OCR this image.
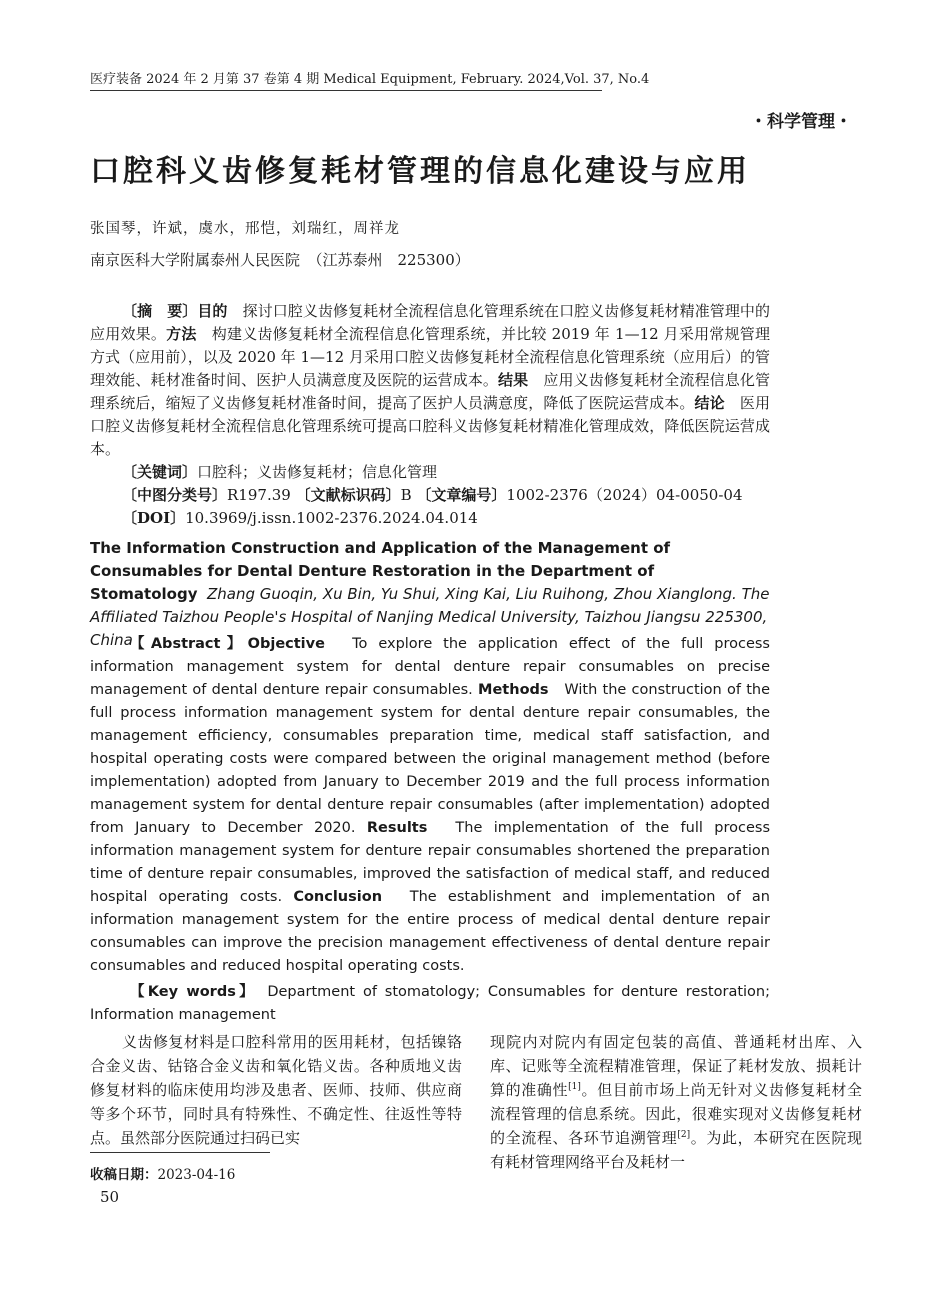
医疗装备 2024 年 2 月第 37 卷第 4 期 Medical Equipment, February. 2024,Vol. 37, No.4
・科学管理・
口腔科义齿修复耗材管理的信息化建设与应用
张国琴，许斌，虞水，邢恺，刘瑞红，周祥龙
南京医科大学附属泰州人民医院　（江苏泰州　225300）

〔摘　要〕目的　探讨口腔义齿修复耗材全流程信息化管理系统在口腔义齿修复耗材精准管理中的应用效果。方法　构建义齿修复耗材全流程信息化管理系统，并比较 2019 年 1—12 月采用常规管理方式（应用前），以及 2020 年 1—12 月采用口腔义齿修复耗材全流程信息化管理系统（应用后）的管理效能、耗材准备时间、医护人员满意度及医院的运营成本。结果　应用义齿修复耗材全流程信息化管理系统后，缩短了义齿修复耗材准备时间，提高了医护人员满意度，降低了医院运营成本。结论　医用口腔义齿修复耗材全流程信息化管理系统可提高口腔科义齿修复耗材精准化管理成效，降低医院运营成本。

〔关键词〕口腔科；义齿修复耗材；信息化管理
〔中图分类号〕R197.39 〔文献标识码〕B 〔文章编号〕1002-2376（2024）04-0050-04
〔DOI〕10.3969/j.issn.1002-2376.2024.04.014
The Information Construction and Application of the Management of Consumables for Dental Denture Restoration in the Department of Stomatology Zhang Guoqin, Xu Bin, Yu Shui, Xing Kai, Liu Ruihong, Zhou Xianglong. The Affiliated Taizhou People's Hospital of Nanjing Medical University, Taizhou Jiangsu 225300, China

【Abstract】Objective　To explore the application effect of the full process information management system for dental denture repair consumables on precise management of dental denture repair consumables. Methods　With the construction of the full process information management system for dental denture repair consumables, the management efficiency, consumables preparation time, medical staff satisfaction, and hospital operating costs were compared between the original management method (before implementation) adopted from January to December 2019 and the full process information management system for dental denture repair consumables (after implementation) adopted from January to December 2020. Results　The implementation of the full process information management system for denture repair consumables shortened the preparation time of denture repair consumables, improved the satisfaction of medical staff, and reduced hospital operating costs. Conclusion　The establishment and implementation of an information management system for the entire process of medical dental denture repair consumables can improve the precision management effectiveness of dental denture repair consumables and reduced hospital operating costs.

【Key words】　Department of stomatology; Consumables for denture restoration; Information management

义齿修复材料是口腔科常用的医用耗材，包括镍铬合金义齿、钴铬合金义齿和氧化锆义齿。各种质地义齿修复材料的临床使用均涉及患者、医师、技师、供应商等多个环节，同时具有特殊性、不确定性、往返性等特点。虽然部分医院通过扫码已实

现院内对院内有固定包装的高值、普通耗材出库、入库、记账等全流程精准管理，保证了耗材发放、损耗计算的准确性[1]。但目前市场上尚无针对义齿修复耗材全流程管理的信息系统。因此，很难实现对义齿修复耗材的全流程、各环节追溯管理[2]。为此，本研究在医院现有耗材管理网络平台及耗材一

收稿日期：2023-04-16
50
